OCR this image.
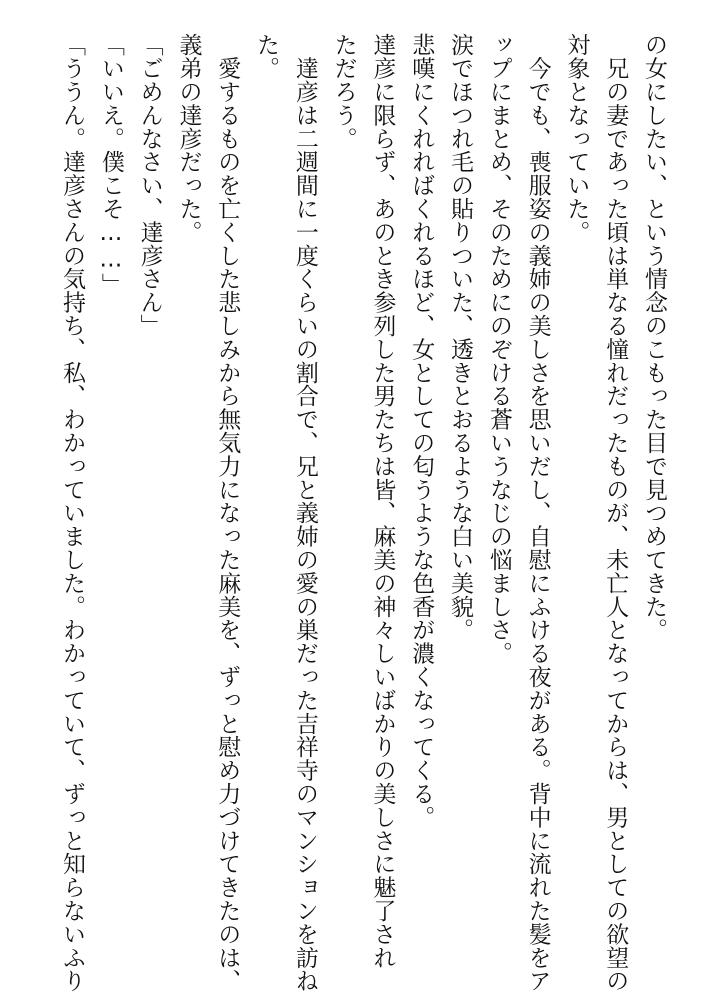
の女にしたい、という情念のこもった目で見つめてきた。
　兄の妻であった頃は単なる憧れだったものが、未亡人となってからは、男としての欲望の
対象となっていた。
　今でも、喪服姿の義姉の美しさを思いだし、自慰にふける夜がある。背中に流れた髪をア
ップにまとめ、そのためにのぞける蒼いうなじの悩ましさ。
涙でほつれ毛の貼りついた、透きとおるような白い美貌。
悲嘆にくれればくれるほど、女としての匂うような色香が濃くなってくる。
達彦に限らず、あのとき参列した男たちは皆、麻美の神々しいばかりの美しさに魅了され
ただろう。
　達彦は二週間に一度くらいの割合で、兄と義姉の愛の巣だった吉祥寺のマンションを訪ね
た。
　愛するものを亡くした悲しみから無気力になった麻美を、ずっと慰め力づけてきたのは、
義弟の達彦だった。
「ごめんなさい、達彦さん」
「いいえ。僕こそ……」
「ううん。達彦さんの気持ち、私、わかっていました。わかっていて、ずっと知らないふり
